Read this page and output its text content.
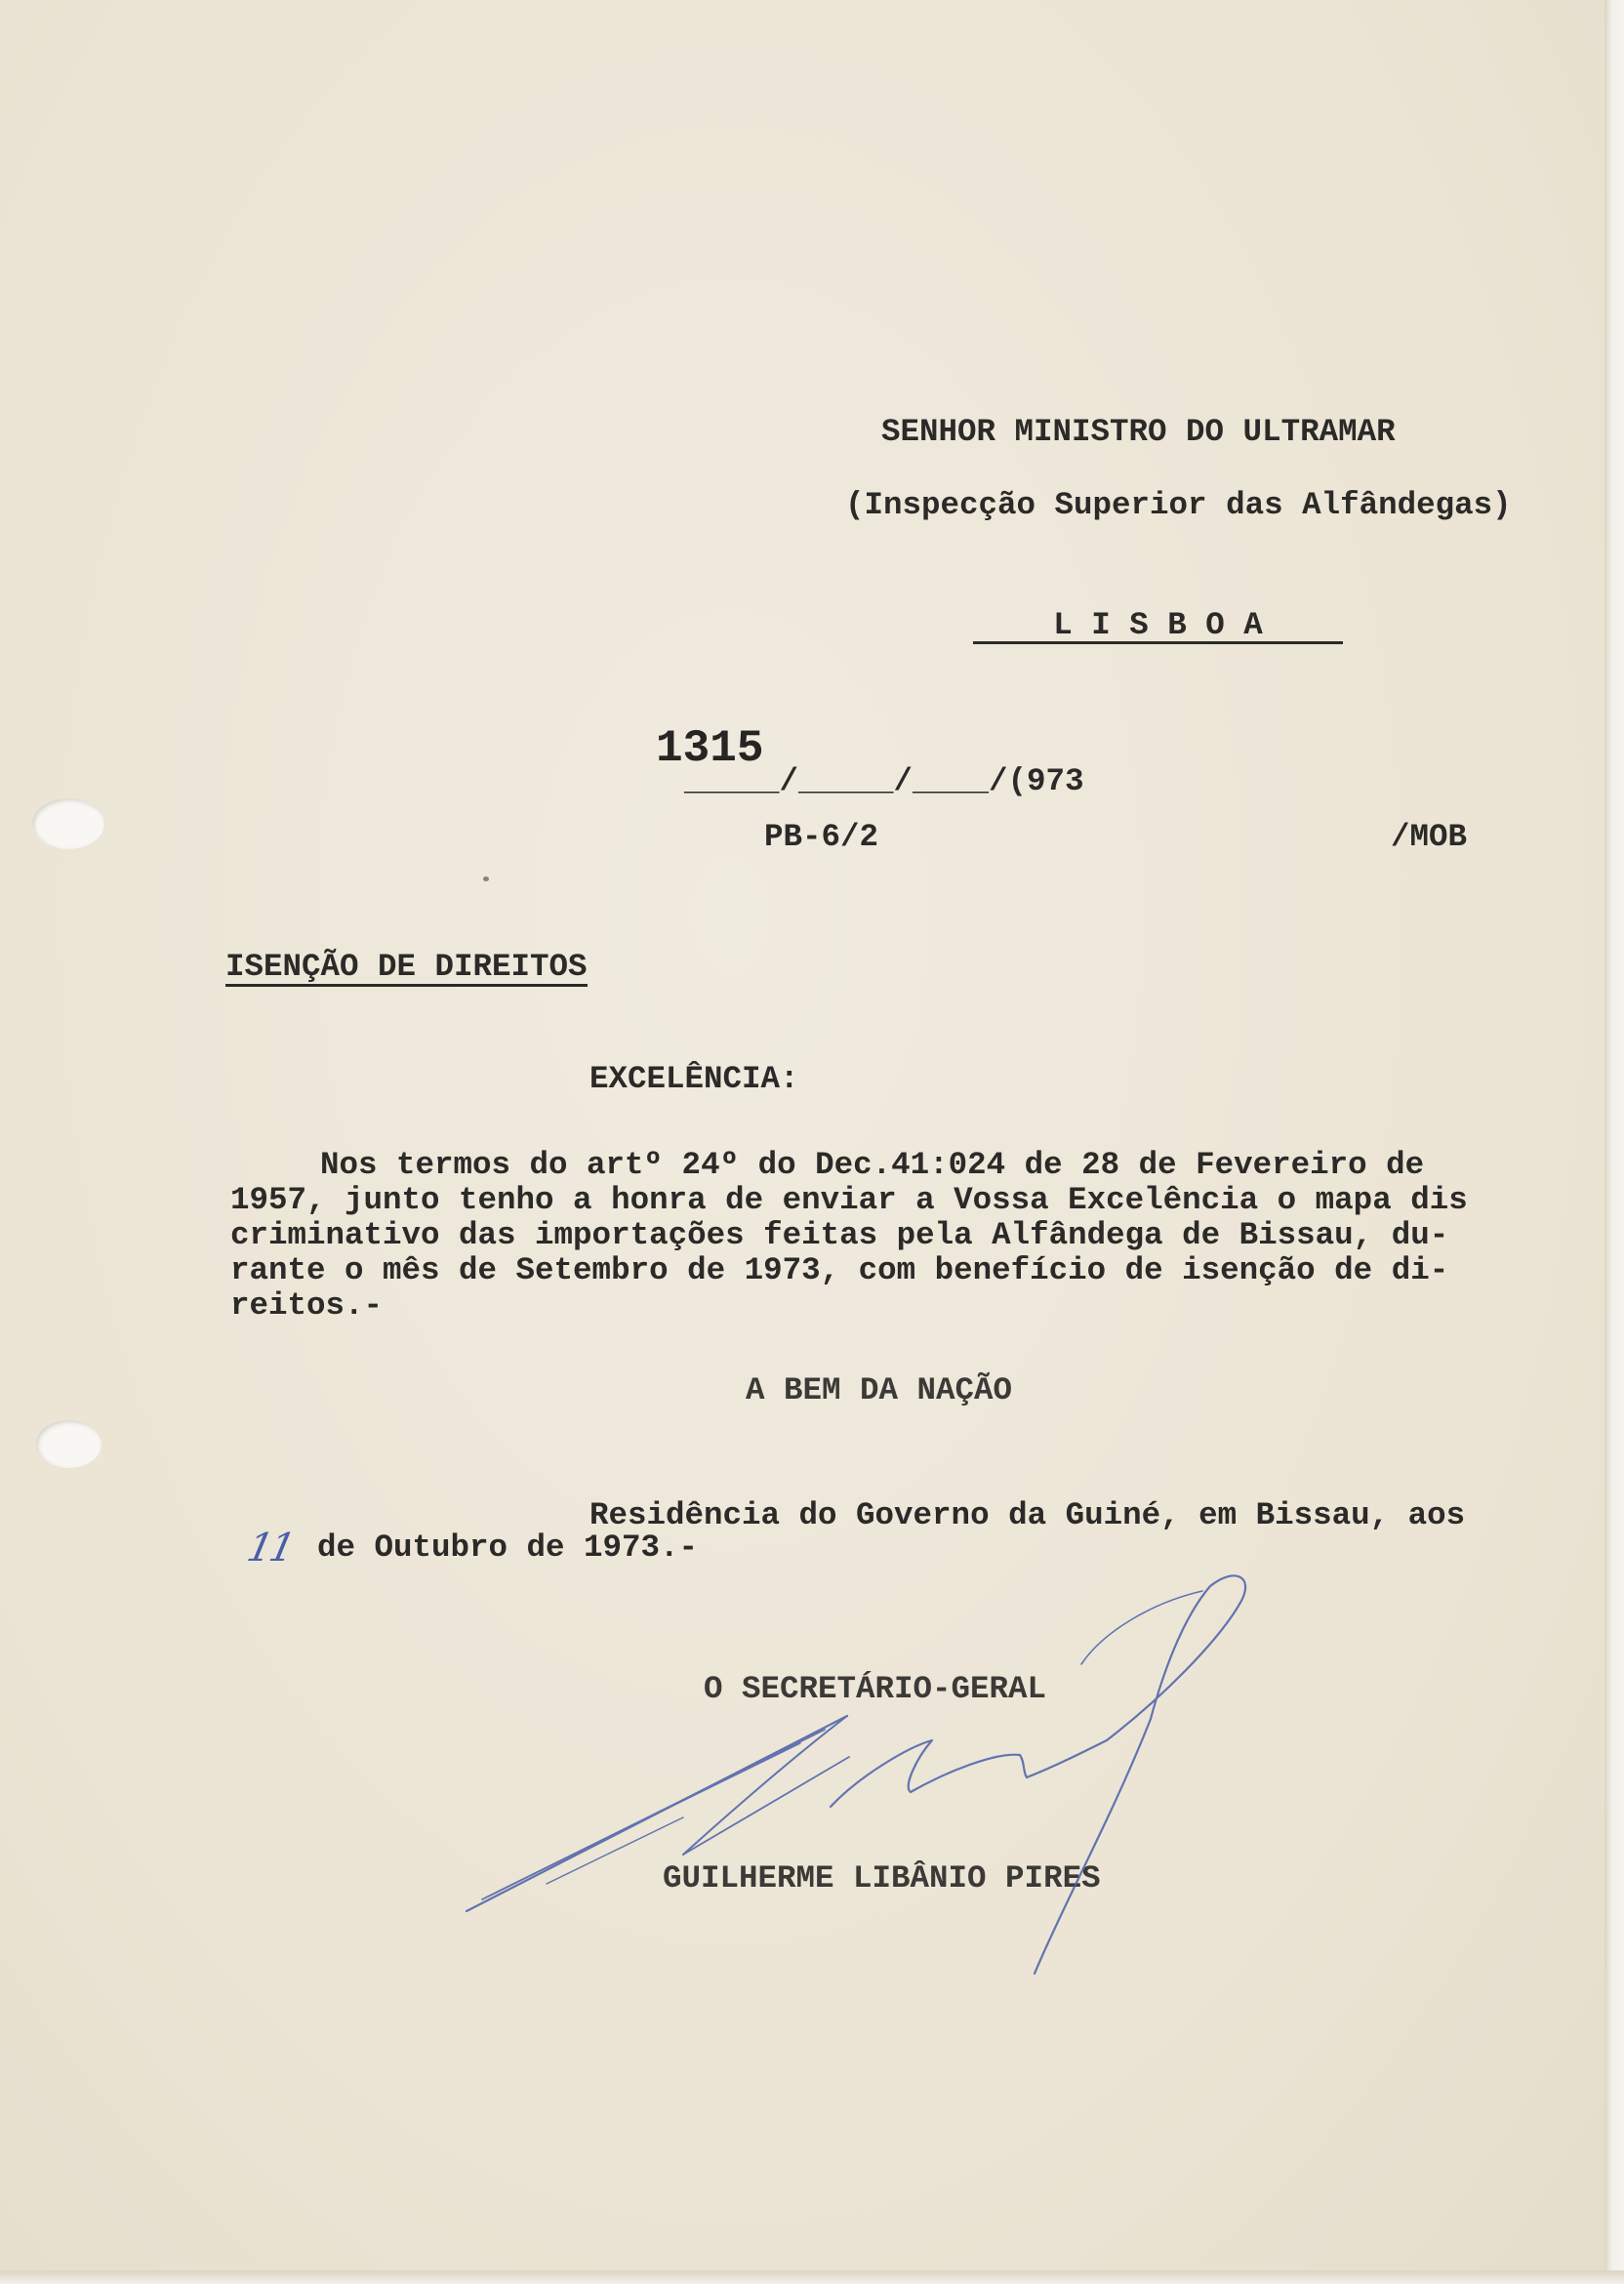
SENHOR MINISTRO DO ULTRAMAR
(Inspecção Superior das Alfândegas)
L I S B O A
1315
_____/_____/____/(973
PB-6/2	/MOB
ISENÇÃO DE DIREITOS
EXCELÊNCIA:
Nos termos do artº 24º do Dec.41:024 de 28 de Fevereiro de
1957, junto tenho a honra de enviar a Vossa Excelência o mapa dis
criminativo das importações feitas pela Alfândega de Bissau, du-
rante o mês de Setembro de 1973, com benefício de isenção de di-
reitos.-
A BEM DA NAÇÃO
Residência do Governo da Guiné, em Bissau, aos
11 de Outubro de 1973.-
O SECRETÁRIO-GERAL
GUILHERME LIBÂNIO PIRES
